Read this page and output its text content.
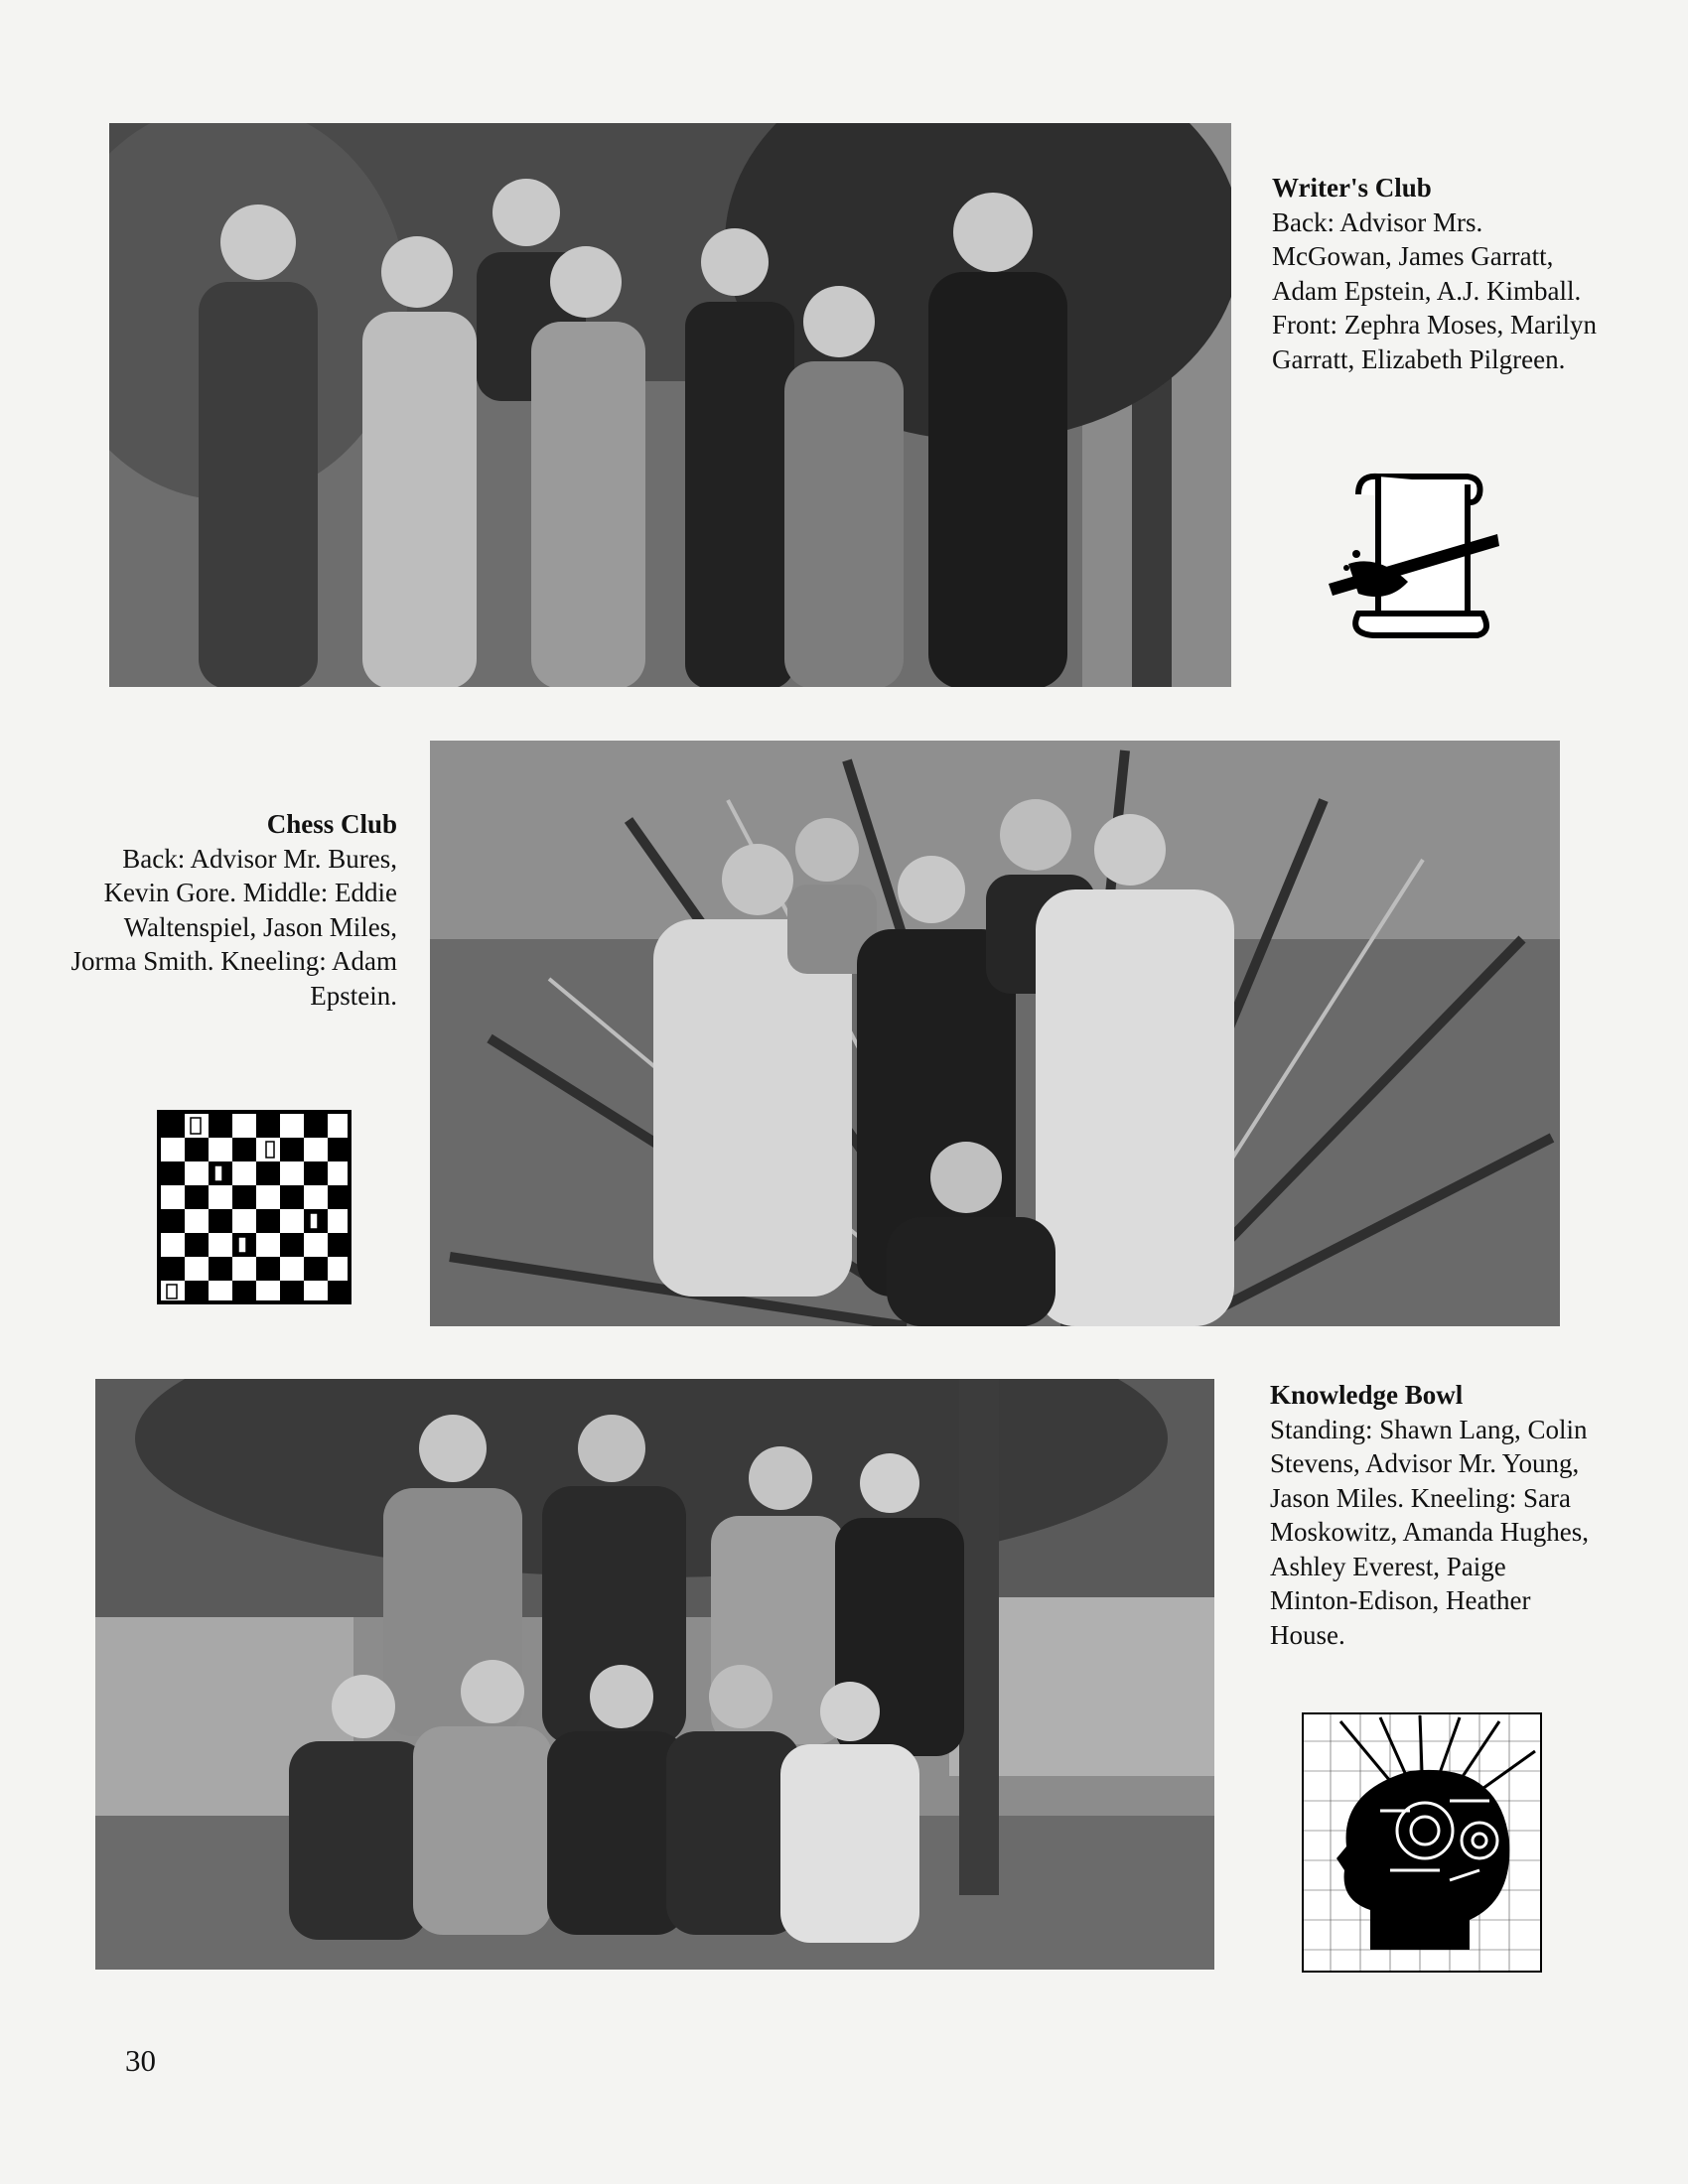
Writer's Club
Back: Advisor Mrs. McGowan, James Garratt, Adam Epstein, A.J. Kimball. Front: Zephra Moses, Marilyn Garratt, Elizabeth Pilgreen.
Chess Club
Back: Advisor Mr. Bures, Kevin Gore. Middle: Eddie Waltenspiel, Jason Miles, Jorma Smith. Kneeling: Adam Epstein.
Knowledge Bowl
Standing: Shawn Lang, Colin Stevens, Advisor Mr. Young, Jason Miles. Kneeling: Sara Moskowitz, Amanda Hughes, Ashley Everest, Paige Minton-Edison, Heather House.
30
